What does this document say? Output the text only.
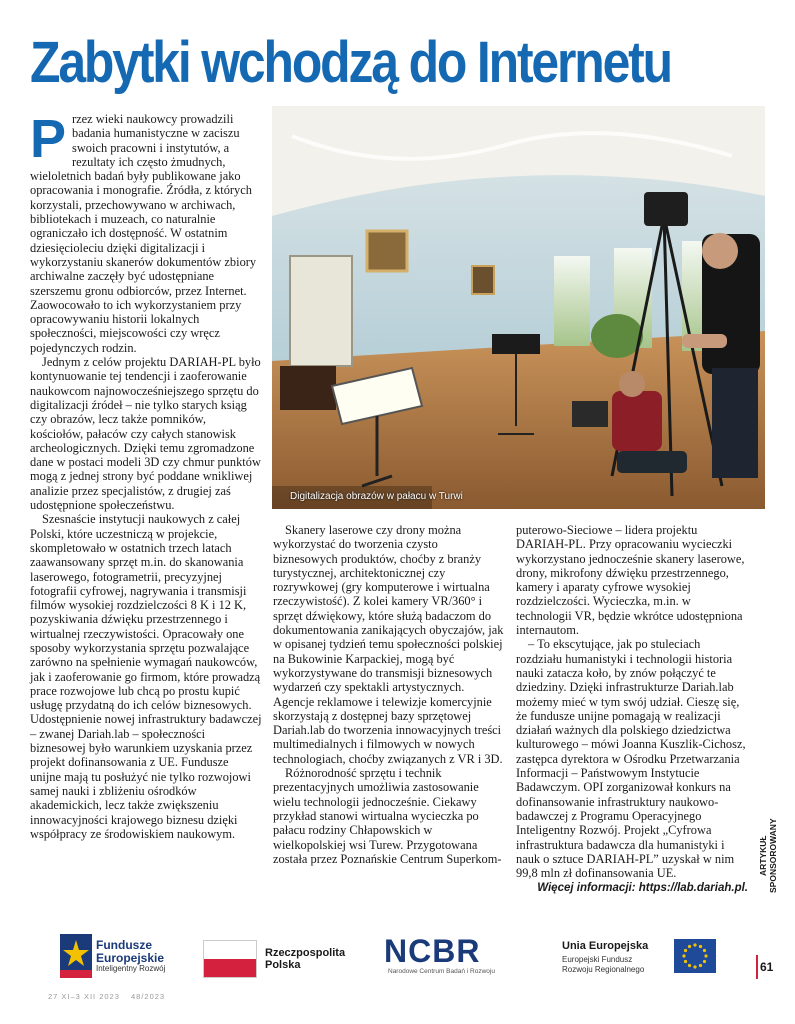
Zabytki wchodzą do Internetu
P rzez wieki naukowcy prowadzili badania humanistyczne w zaciszu swoich pracowni i instytutów, a rezultaty ich często żmudnych, wieloletnich badań były publikowane jako opracowania i monografie. Źródła, z których korzystali, przechowywano w archiwach, bibliotekach i muzeach, co naturalnie ograniczało ich dostępność. W ostatnim dziesięcioleciu dzięki digitalizacji i wykorzystaniu skanerów dokumentów zbiory archiwalne zaczęły być udostępniane szerszemu gronu odbiorców, przez Internet. Zaowocowało to ich wykorzystaniem przy opracowywaniu historii lokalnych społeczności, miejscowości czy wręcz pojedynczych rodzin.

Jednym z celów projektu DARIAH-PL było kontynuowanie tej tendencji i zaoferowanie naukowcom najnowocześniejszego sprzętu do digitalizacji źródeł – nie tylko starych ksiąg czy obrazów, lecz także pomników, kościołów, pałaców czy całych stanowisk archeologicznych. Dzięki temu zgromadzone dane w postaci modeli 3D czy chmur punktów mogą z jednej strony być poddane wnikliwej analizie przez specjalistów, z drugiej zaś udostępnione społeczeństwu.

Szesnaście instytucji naukowych z całej Polski, które uczestniczą w projekcie, skompletowało w ostatnich trzech latach zaawansowany sprzęt m.in. do skanowania laserowego, fotogrametrii, precyzyjnej fotografii cyfrowej, nagrywania i transmisji filmów wysokiej rozdzielczości 8 K i 12 K, pozyskiwania dźwięku przestrzennego i wirtualnej rzeczywistości. Opracowały one sposoby wykorzystania sprzętu pozwalające zarówno na spełnienie wymagań naukowców, jak i zaoferowanie go firmom, które prowadzą prace rozwojowe lub chcą po prostu kupić usługę przydatną do ich celów biznesowych. Udostępnienie nowej infrastruktury badawczej – zwanej Dariah.lab – społeczności biznesowej było warunkiem uzyskania przez projekt dofinansowania z UE. Fundusze unijne mają tu posłużyć nie tylko rozwojowi samej nauki i zbliżeniu ośrodków akademickich, lecz także zwiększeniu innowacyjności krajowego biznesu dzięki współpracy ze środowiskiem naukowym.

Digitalizacja obrazów w pałacu w Turwi

Skanery laserowe czy drony można wykorzystać do tworzenia czysto biznesowych produktów, choćby z branży turystycznej, architektonicznej czy rozrywkowej (gry komputerowe i wirtualna rzeczywistość). Z kolei kamery VR/360° i sprzęt dźwiękowy, które służą badaczom do dokumentowania zanikających obyczajów, jak w opisanej tydzień temu społeczności polskiej na Bukowinie Karpackiej, mogą być wykorzystywane do transmisji biznesowych wydarzeń czy spektakli artystycznych. Agencje reklamowe i telewizje komercyjnie skorzystają z dostępnej bazy sprzętowej Dariah.lab do tworzenia innowacyjnych treści multimedialnych i filmowych w nowych technologiach, choćby związanych z VR i 3D.

Różnorodność sprzętu i technik prezentacyjnych umożliwia zastosowanie wielu technologii jednocześnie. Ciekawy przykład stanowi wirtualna wycieczka po pałacu rodziny Chłapowskich w wielkopolskiej wsi Turew. Przygotowana została przez Poznańskie Centrum Superkom-

puterowo-Sieciowe – lidera projektu DARIAH-PL. Przy opracowaniu wycieczki wykorzystano jednocześnie skanery laserowe, drony, mikrofony dźwięku przestrzennego, kamery i aparaty cyfrowe wysokiej rozdzielczości. Wycieczka, m.in. w technologii VR, będzie wkrótce udostępniona internautom.

– To ekscytujące, jak po stuleciach rozdziału humanistyki i technologii historia nauki zatacza koło, by znów połączyć te dziedziny. Dzięki infrastrukturze Dariah.lab możemy mieć w tym swój udział. Cieszę się, że fundusze unijne pomagają w realizacji działań ważnych dla polskiego dziedzictwa kulturowego – mówi Joanna Kuszlik-Cichosz, zastępca dyrektora w Ośrodku Przetwarzania Informacji – Państwowym Instytucie Badawczym. OPI zorganizował konkurs na dofinansowanie infrastruktury naukowo-badawczej z Programu Operacyjnego Inteligentny Rozwój. Projekt „Cyfrowa infrastruktura badawcza dla humanistyki i nauk o sztuce DARIAH-PL” uzyskał w nim 99,8 mln zł dofinansowania UE.

Więcej informacji: https://lab.dariah.pl.
ARTYKUŁ SPONSOROWANY
Fundusze Europejskie
Inteligentny Rozwój
Rzeczpospolita Polska	NCBR
Narodowe Centrum Badań i Rozwoju
Unia Europejska
Europejski Fundusz Rozwoju Regionalnego	61
27 XI–3 XII 2023 48/2023
